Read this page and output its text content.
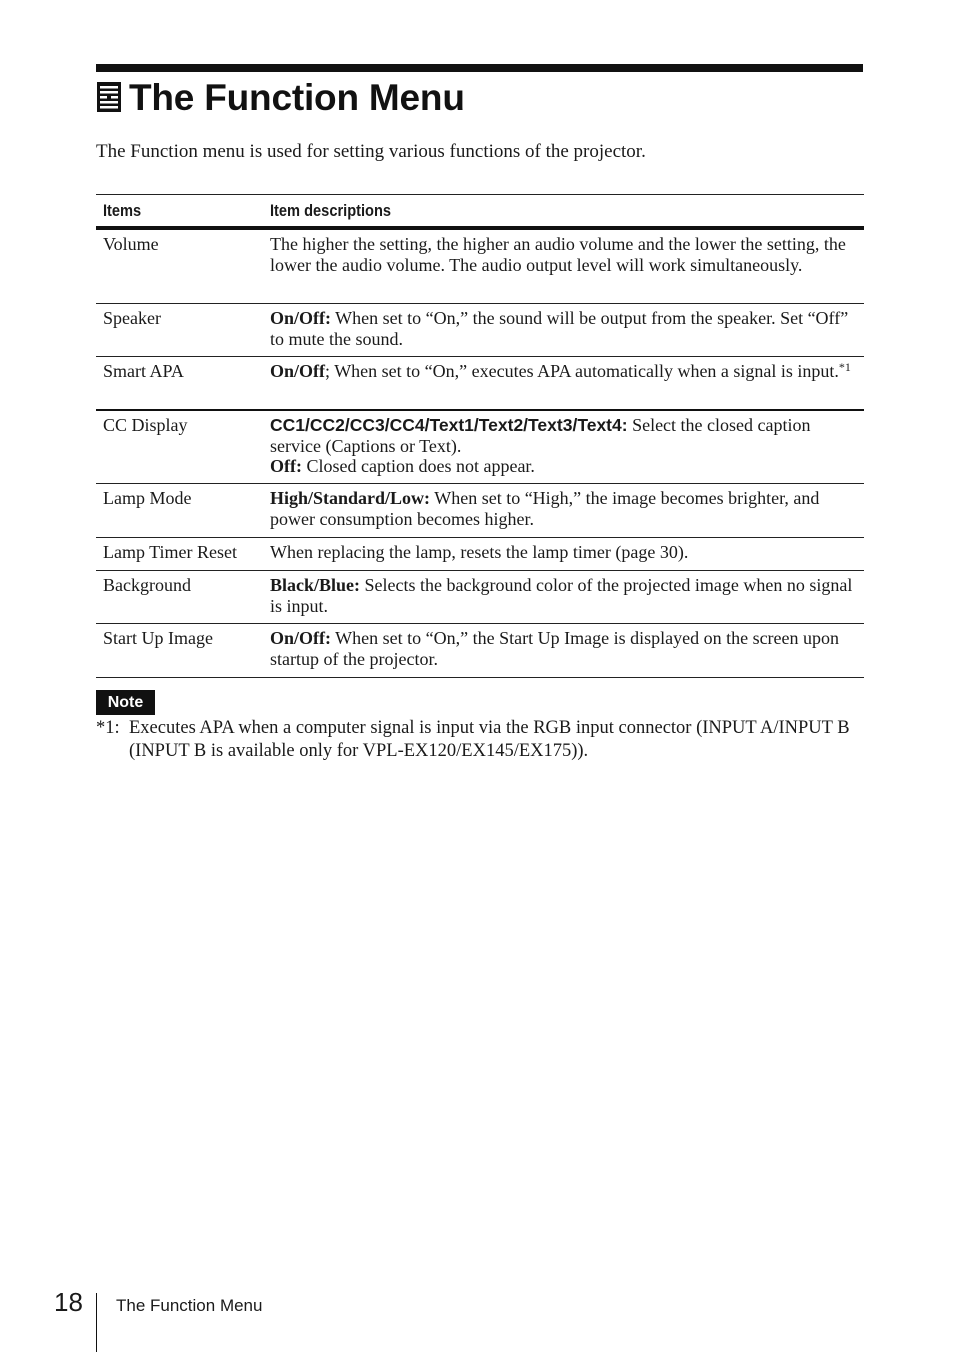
The Function Menu
The Function menu is used for setting various functions of the projector.
Items	Item descriptions
Volume	The higher the setting, the higher an audio volume and the lower the setting, the lower the audio volume. The audio output level will work simultaneously.
Speaker	On/Off: When set to “On,” the sound will be output from the speaker. Set “Off” to mute the sound.
Smart APA	On/Off; When set to “On,” executes APA automatically when a signal is input.$^{*1}$
CC Display	CC1/CC2/CC3/CC4/Text1/Text2/Text3/Text4: Select the closed caption service (Captions or Text).
Off: Closed caption does not appear.
Lamp Mode	High/Standard/Low: When set to “High,” the image becomes brighter, and power consumption becomes higher.
Lamp Timer Reset	When replacing the lamp, resets the lamp timer (page 30).
Background	Black/Blue: Selects the background color of the projected image when no signal is input.
Start Up Image	On/Off: When set to “On,” the Start Up Image is displayed on the screen upon startup of the projector.
Note
*1: Executes APA when a computer signal is input via the RGB input connector (INPUT A/INPUT B (INPUT B is available only for VPL-EX120/EX145/EX175)).
18 The Function Menu
